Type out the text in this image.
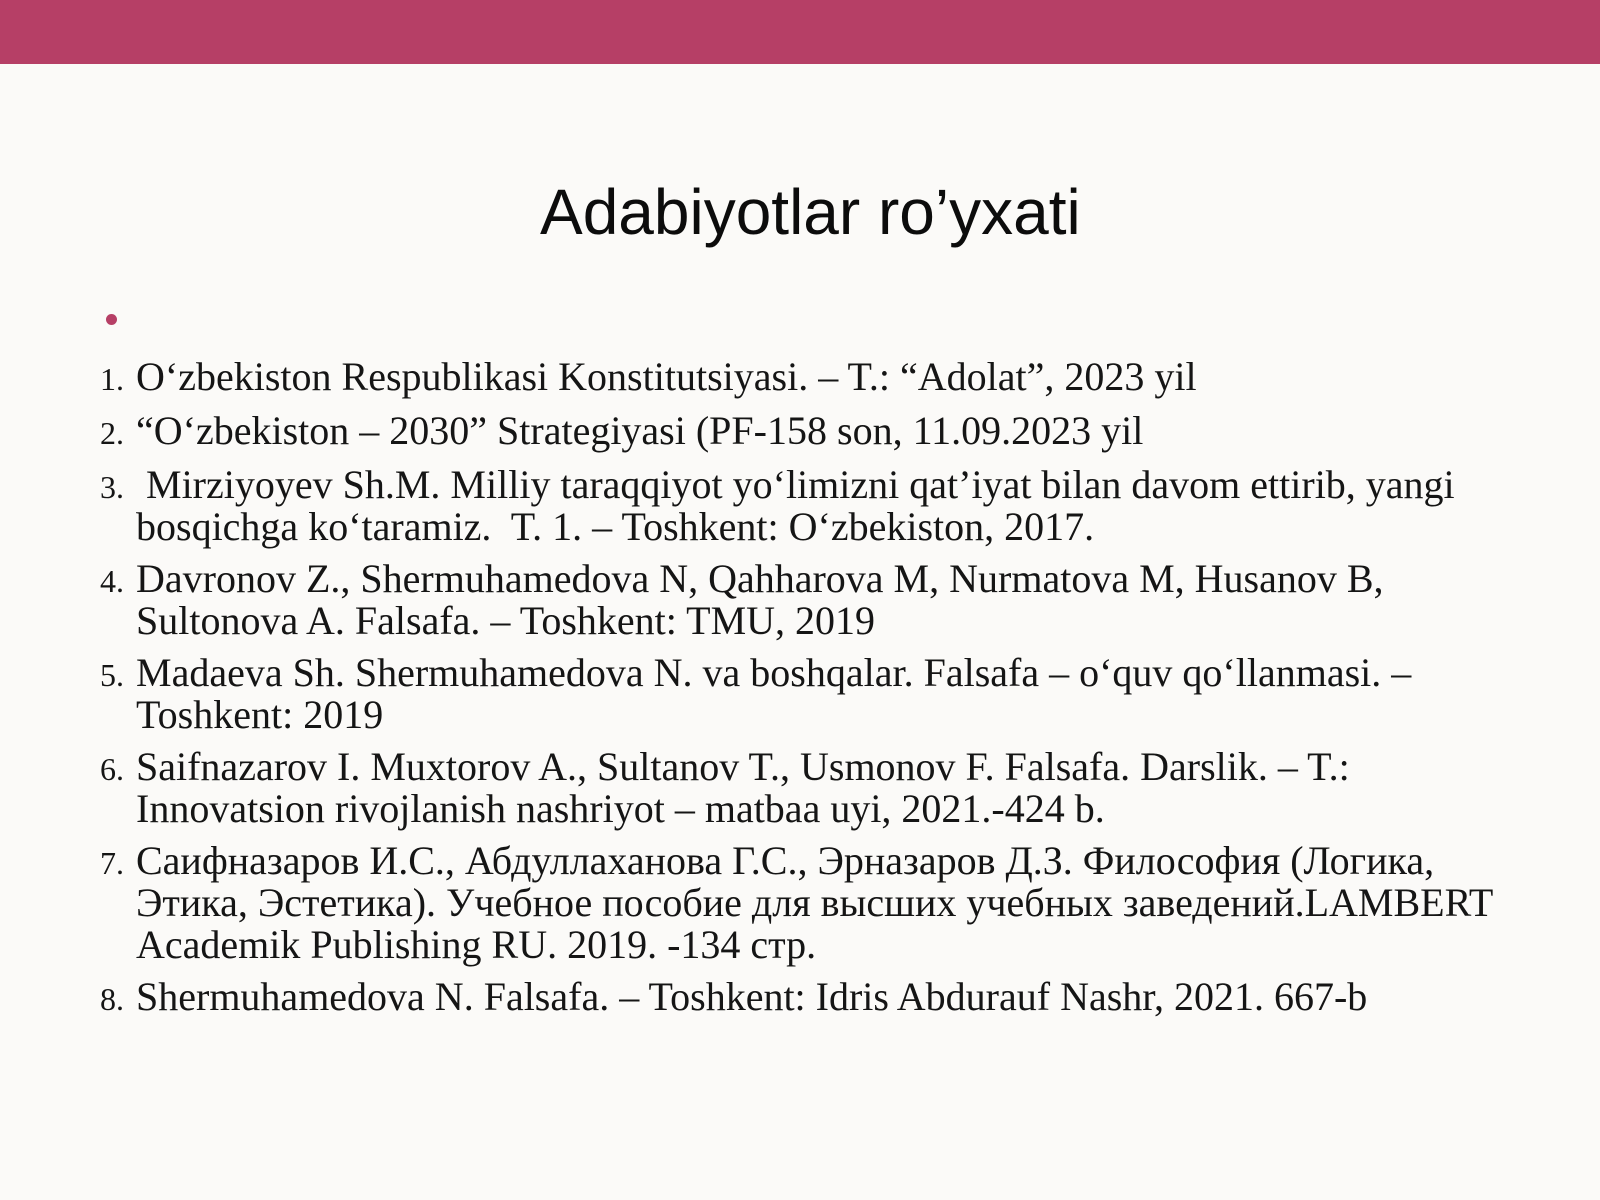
Adabiyotlar ro’yxati
1. O‘zbekiston Respublikasi Konstitutsiyasi. – T.: “Adolat”, 2023 yil
2. “O‘zbekiston – 2030” Strategiyasi (PF-158 son, 11.09.2023 yil
3. Mirziyoyev Sh.M. Milliy taraqqiyot yo‘limizni qat’iyat bilan davom ettirib, yangi bosqichga ko‘taramiz.  T. 1. – Toshkent: O‘zbekiston, 2017.
4. Davronov Z., Shermuhamedova N, Qahharova M, Nurmatova M, Husanov B, Sultonova A. Falsafa. – Toshkent: TMU, 2019
5. Madaeva Sh. Shermuhamedova N. va boshqalar. Falsafa – o‘quv qo‘llanmasi. – Toshkent: 2019
6. Saifnazarov I. Muxtorov A., Sultanov T., Usmonov F. Falsafa. Darslik. – T.: Innovatsion rivojlanish nashriyot – matbaa uyi, 2021.-424 b.
7. Саифназаров И.С., Абдуллаханова Г.С., Эрназаров Д.З. Философия (Логика, Этика, Эстетика). Учебное пособие для высших учебных заведений.LAMBERT Academik Publishing RU. 2019. -134 стр.
8. Shermuhamedova N. Falsafa. – Toshkent: Idris Abdurauf Nashr, 2021. 667-b
